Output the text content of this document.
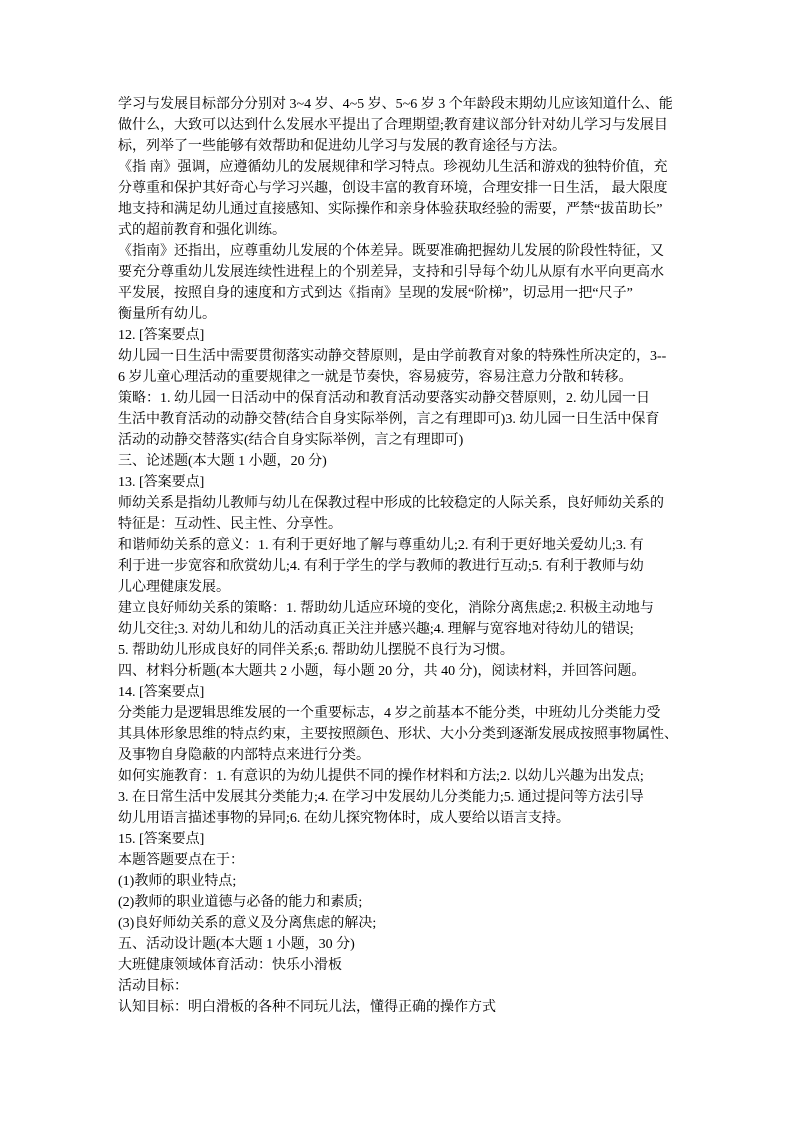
学习与发展目标部分分别对 3~4 岁、4~5 岁、5~6 岁 3 个年龄段末期幼儿应该知道什么、能
做什么，大致可以达到什么发展水平提出了合理期望;教育建议部分针对幼儿学习与发展目
标，列举了一些能够有效帮助和促进幼儿学习与发展的教育途径与方法。
《指 南》强调，应遵循幼儿的发展规律和学习特点。珍视幼儿生活和游戏的独特价值，充
分尊重和保护其好奇心与学习兴趣，创设丰富的教育环境，合理安排一日生活， 最大限度
地支持和满足幼儿通过直接感知、实际操作和亲身体验获取经验的需要，严禁“拔苗助长”
式的超前教育和强化训练。
《指南》还指出，应尊重幼儿发展的个体差异。既要准确把握幼儿发展的阶段性特征，又
要充分尊重幼儿发展连续性进程上的个别差异，支持和引导每个幼儿从原有水平向更高水
平发展，按照自身的速度和方式到达《指南》呈现的发展“阶梯”，切忌用一把“尺子”
衡量所有幼儿。
12. [答案要点]
幼儿园一日生活中需要贯彻落实动静交替原则，是由学前教育对象的特殊性所决定的，3--
6 岁儿童心理活动的重要规律之一就是节奏快，容易疲劳，容易注意力分散和转移。
策略：1. 幼儿园一日活动中的保育活动和教育活动要落实动静交替原则，2. 幼儿园一日
生活中教育活动的动静交替(结合自身实际举例，言之有理即可)3. 幼儿园一日生活中保育
活动的动静交替落实(结合自身实际举例，言之有理即可)
三、论述题(本大题 1 小题，20 分)
13. [答案要点]
师幼关系是指幼儿教师与幼儿在保教过程中形成的比较稳定的人际关系，良好师幼关系的
特征是：互动性、民主性、分享性。
和谐师幼关系的意义：1. 有利于更好地了解与尊重幼儿;2. 有利于更好地关爱幼儿;3. 有
利于进一步宽容和欣赏幼儿;4. 有利于学生的学与教师的教进行互动;5. 有利于教师与幼
儿心理健康发展。
建立良好师幼关系的策略：1. 帮助幼儿适应环境的变化，消除分离焦虑;2. 积极主动地与
幼儿交往;3. 对幼儿和幼儿的活动真正关注并感兴趣;4. 理解与宽容地对待幼儿的错误;
5. 帮助幼儿形成良好的同伴关系;6. 帮助幼儿摆脱不良行为习惯。
四、材料分析题(本大题共 2 小题，每小题 20 分，共 40 分)，阅读材料，并回答问题。
14. [答案要点]
分类能力是逻辑思维发展的一个重要标志，4 岁之前基本不能分类，中班幼儿分类能力受
其具体形象思维的特点约束，主要按照颜色、形状、大小分类到逐渐发展成按照事物属性、
及事物自身隐蔽的内部特点来进行分类。
如何实施教育：1. 有意识的为幼儿提供不同的操作材料和方法;2. 以幼儿兴趣为出发点;
3. 在日常生活中发展其分类能力;4. 在学习中发展幼儿分类能力;5. 通过提问等方法引导
幼儿用语言描述事物的异同;6. 在幼儿探究物体时，成人要给以语言支持。
15. [答案要点]
本题答题要点在于：
(1)教师的职业特点;
(2)教师的职业道德与必备的能力和素质;
(3)良好师幼关系的意义及分离焦虑的解决;
五、活动设计题(本大题 1 小题，30 分)
大班健康领域体育活动：快乐小滑板
活动目标：
认知目标：明白滑板的各种不同玩儿法，懂得正确的操作方式
